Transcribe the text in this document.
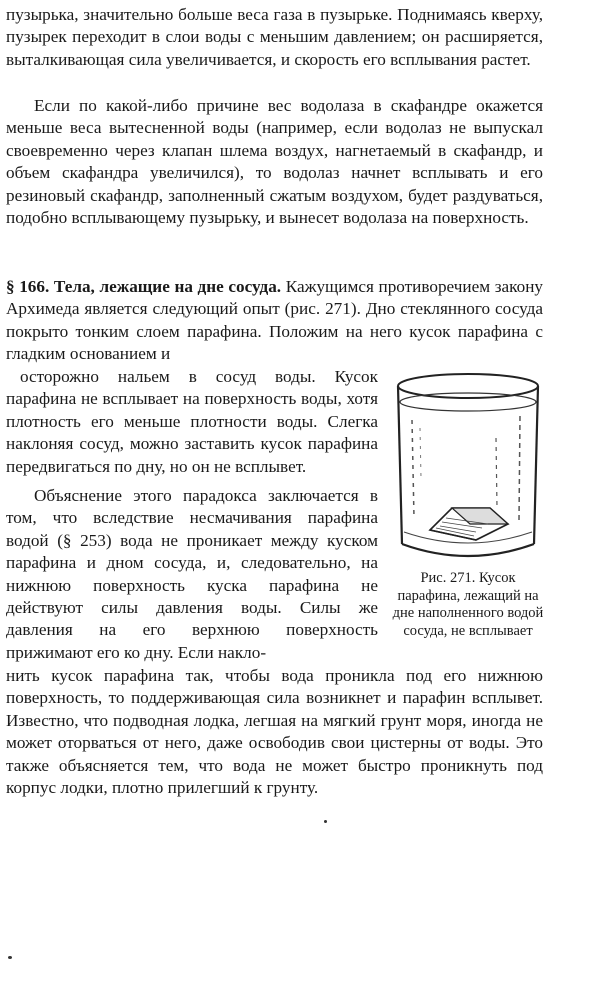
пузырька, значительно больше веса газа в пузырьке. Поднимаясь кверху, пузырек переходит в слои воды с меньшим давлением; он расширяется, выталкивающая сила увеличивается, и скорость его всплывания растет.

Если по какой-либо причине вес водолаза в скафандре окажется меньше веса вытесненной воды (например, если водолаз не выпускал своевременно через клапан шлема воздух, нагнетаемый в скафандр, и объем скафандра увеличился), то водолаз начнет всплывать и его резиновый скафандр, заполненный сжатым воздухом, будет раздуваться, подобно всплывающему пузырьку, и вынесет водолаза на поверхность.

§ 166. Тела, лежащие на дне сосуда. Кажущимся противоречием закону Архимеда является следующий опыт (рис. 271). Дно стеклянного сосуда покрыто тонким слоем парафина. Положим на него кусок парафина с гладким основанием и

осторожно нальем в сосуд воды. Кусок парафина не всплывает на поверхность воды, хотя плотность его меньше плотности воды. Слегка наклоняя сосуд, можно заставить кусок парафина передвигаться по дну, но он не всплывет.

Объяснение этого парадокса заключается в том, что вследствие несмачивания парафина водой (§ 253) вода не проникает между куском парафина и дном сосуда, и, следовательно, на нижнюю поверхность куска парафина не действуют силы давления воды. Силы же давления на его верхнюю поверхность прижимают его ко дну. Если накло-

нить кусок парафина так, чтобы вода проникла под его нижнюю поверхность, то поддерживающая сила возникнет и парафин всплывет. Известно, что подводная лодка, легшая на мягкий грунт моря, иногда не может оторваться от него, даже освободив свои цистерны от воды. Это также объясняется тем, что вода не может быстро проникнуть под корпус лодки, плотно прилегший к грунту.

Рис. 271. Кусок парафина, лежащий на дне наполненного водой сосуда, не всплывает
